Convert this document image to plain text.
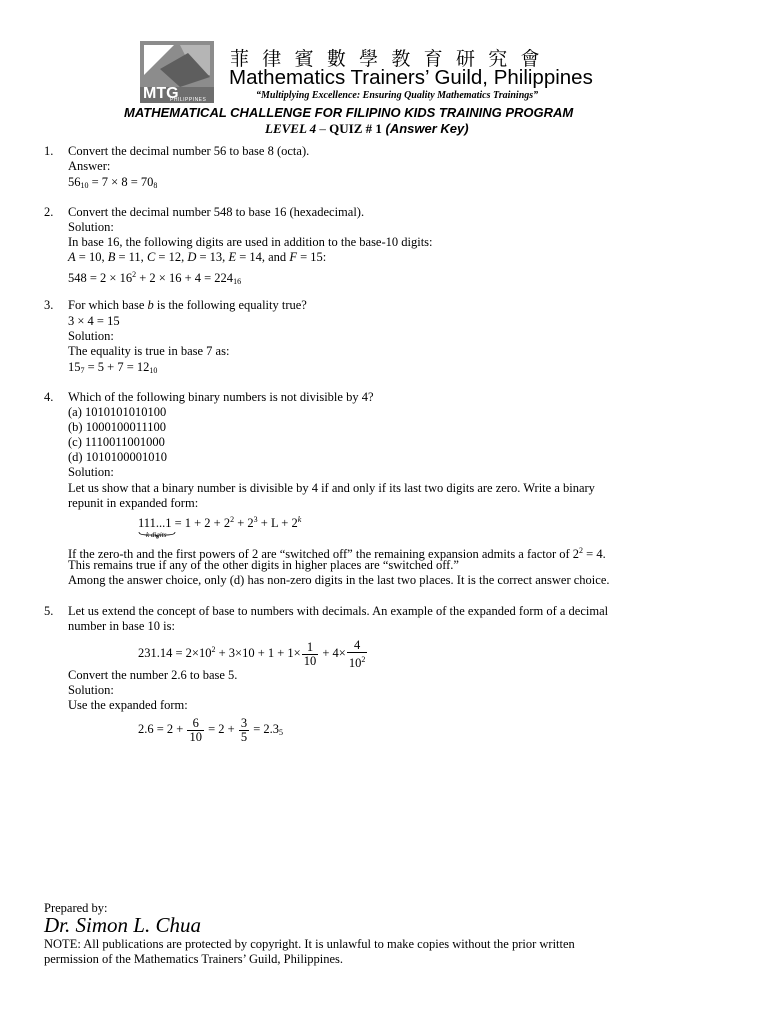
MTG
PHILIPPINES
菲 律 賓 數 學 教 育 研 究 會
Mathematics Trainers’ Guild, Philippines
“Multiplying Excellence: Ensuring Quality Mathematics Trainings”
MATHEMATICAL CHALLENGE FOR FILIPINO KIDS TRAINING PROGRAM
LEVEL 4 – QUIZ # 1 (Answer Key)
1. Convert the decimal number 56 to base 8 (octa).
Answer:
$56_{10} = 7 \times 8 = 70_8$
2. Convert the decimal number 548 to base 16 (hexadecimal).
Solution:
In base 16, the following digits are used in addition to the base-10 digits:
A = 10, B = 11, C = 12, D = 13, E = 14, and F = 15:
$548 = 2 \times 16^2 + 2 \times 16 + 4 = 224_{16}$
3. For which base b is the following equality true?
3 × 4 = 15
Solution:
The equality is true in base 7 as:
$15_7 = 5 + 7 = 12_{10}$
4. Which of the following binary numbers is not divisible by 4?
(a) 1010101010100
(b) 1000100011100
(c) 1110011001000
(d) 1010100001010
Solution:
Let us show that a binary number is divisible by 4 if and only if its last two digits are zero. Write a binary
repunit in expanded form:
$111...1 = 1 + 2 + 2^2 + 2^3 + L + 2^k$
k digits
If the zero-th and the first powers of 2 are “switched off” the remaining expansion admits a factor of $2^2 = 4$.
This remains true if any of the other digits in higher places are “switched off.”
Among the answer choice, only (d) has non-zero digits in the last two places. It is the correct answer choice.
5. Let us extend the concept of base to numbers with decimals. An example of the expanded form of a decimal
number in base 10 is:
$231.14 = 2\times 10^2 + 3\times 10 + 1 + 1\times \frac{1}{10} + 4\times \frac{4}{10^2}$
Convert the number 2.6 to base 5.
Solution:
Use the expanded form:
$2.6 = 2 + \frac{6}{10} = 2 + \frac{3}{5} = 2.3_5$
Prepared by:
Dr. Simon L. Chua
NOTE: All publications are protected by copyright. It is unlawful to make copies without the prior written
permission of the Mathematics Trainers’ Guild, Philippines.
